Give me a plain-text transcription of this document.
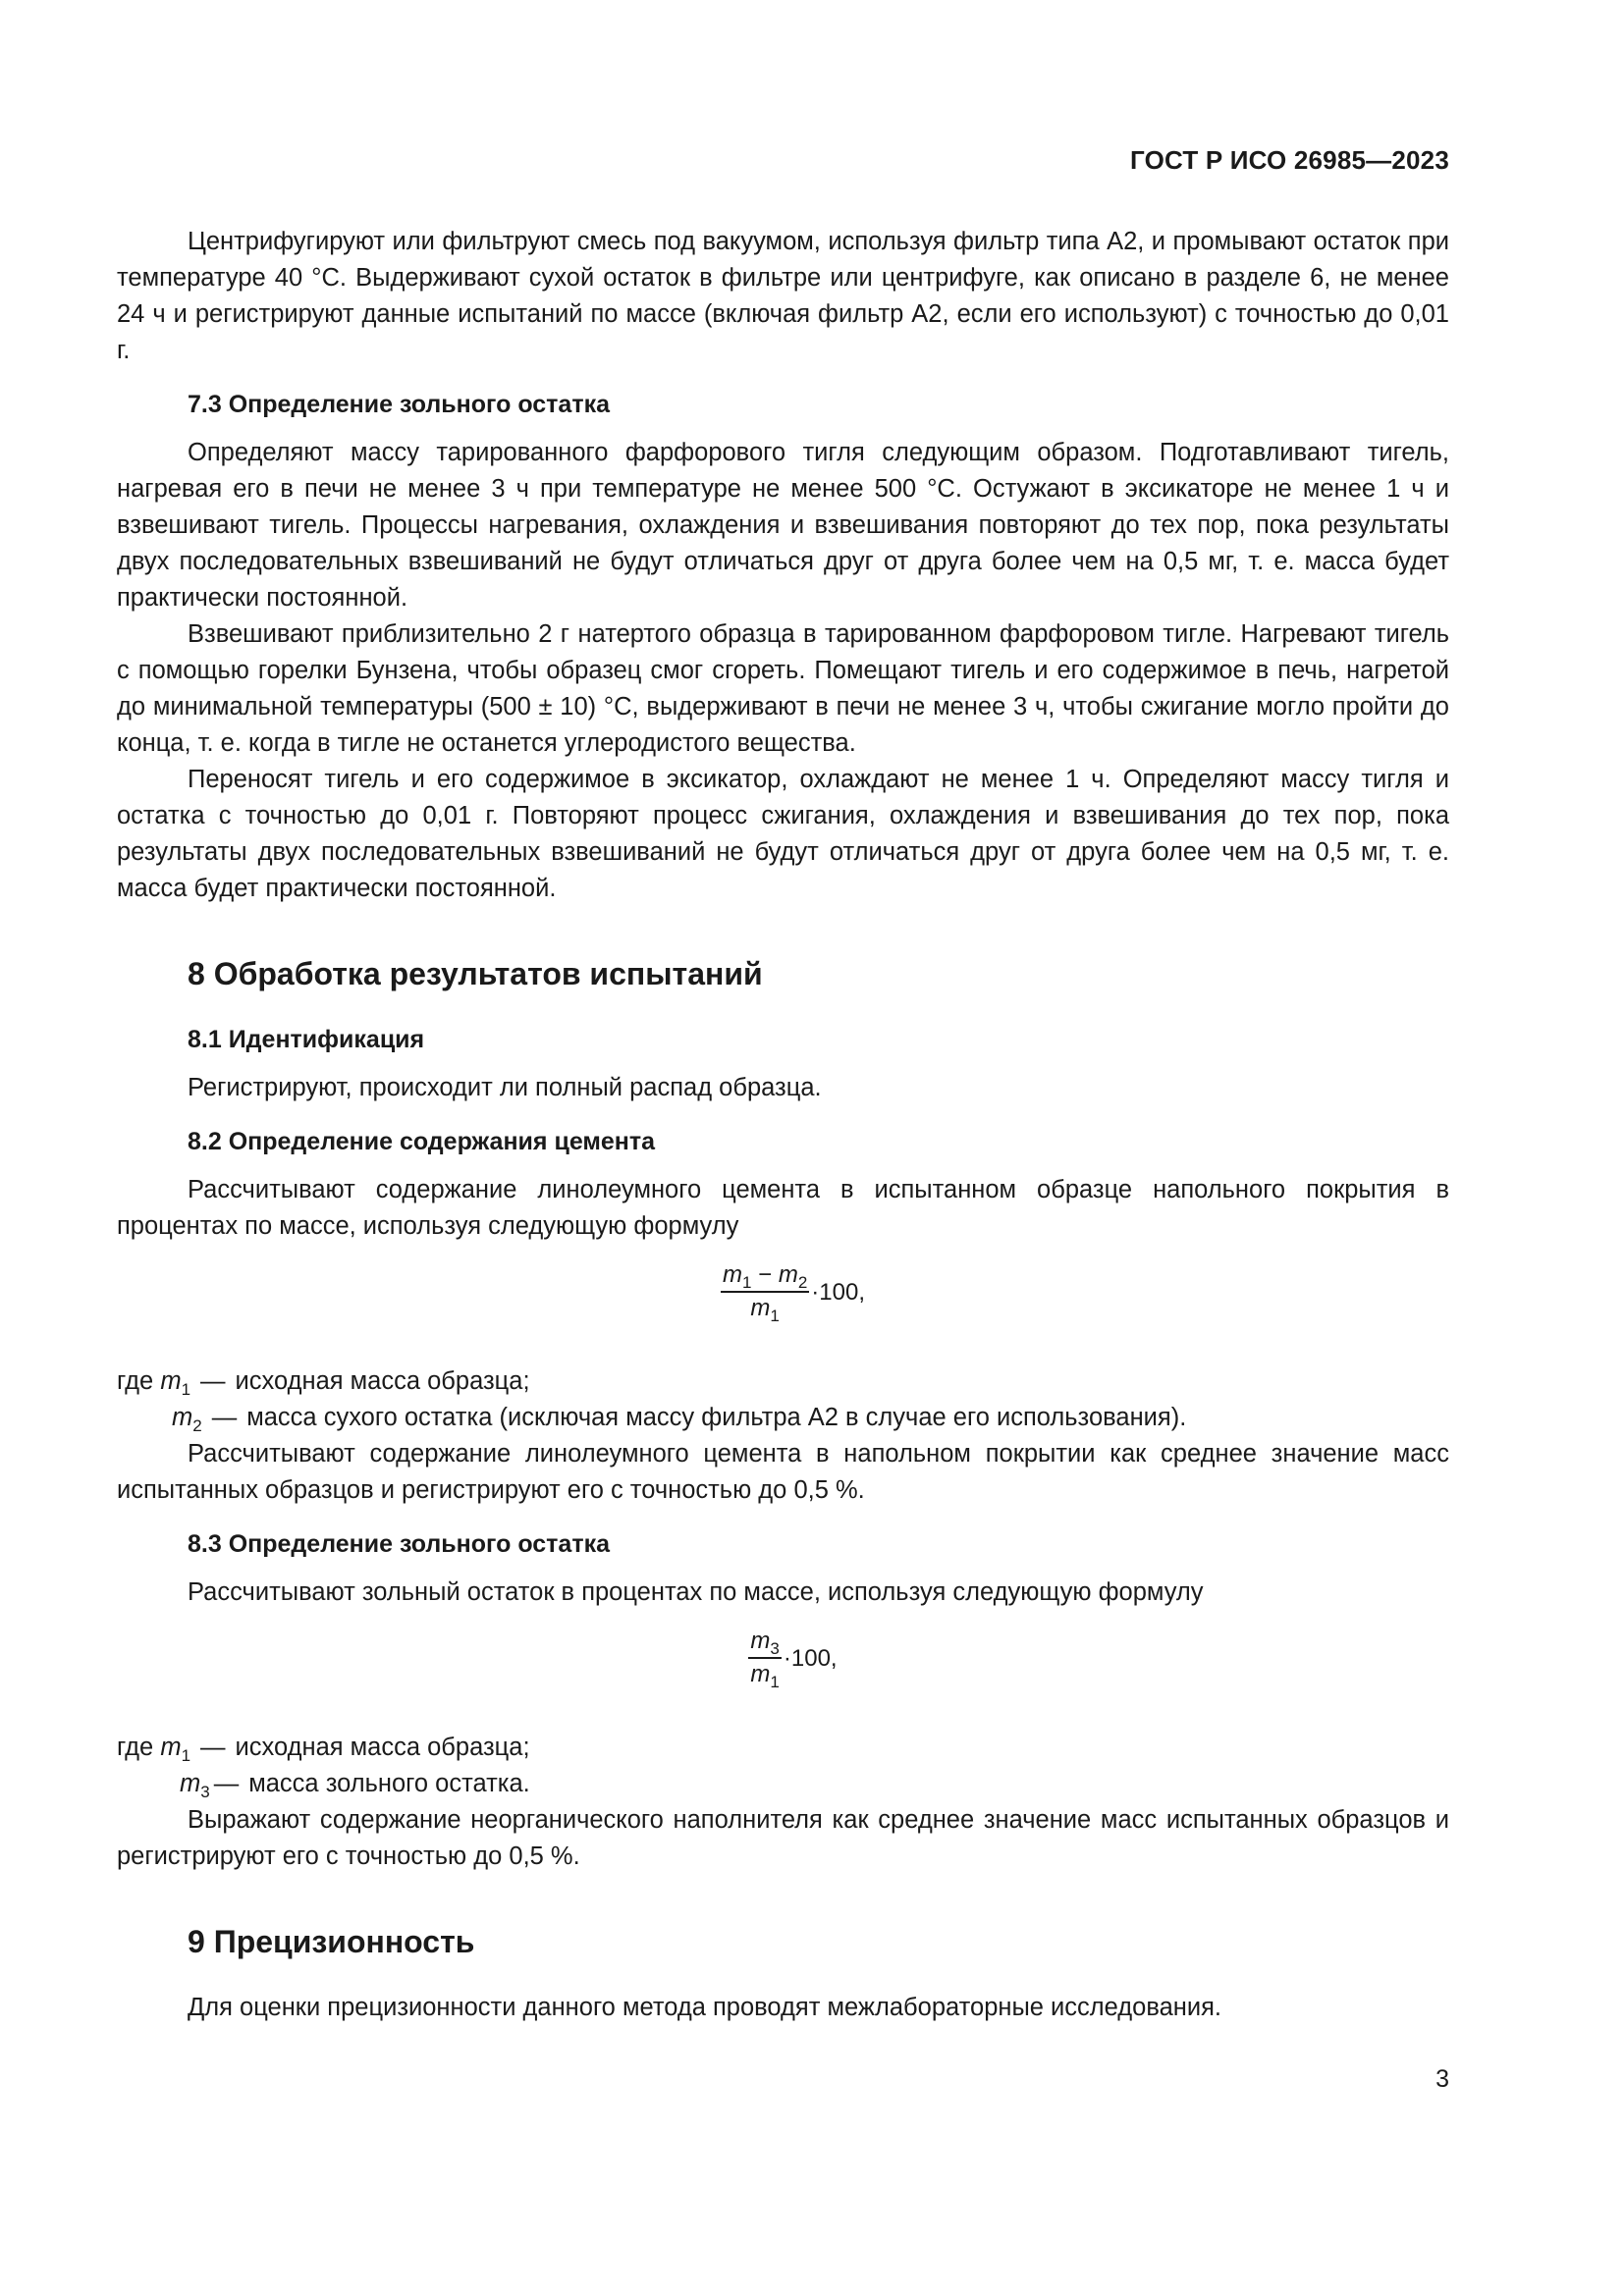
ГОСТ Р ИСО 26985—2023

Центрифугируют или фильтруют смесь под вакуумом, используя фильтр типа А2, и промывают остаток при температуре 40 °C. Выдерживают сухой остаток в фильтре или центрифуге, как описано в разделе 6, не менее 24 ч и регистрируют данные испытаний по массе (включая фильтр А2, если его используют) с точностью до 0,01 г.

7.3 Определение зольного остатка

Определяют массу тарированного фарфорового тигля следующим образом. Подготавливают тигель, нагревая его в печи не менее 3 ч при температуре не менее 500 °C. Остужают в эксикаторе не менее 1 ч и взвешивают тигель. Процессы нагревания, охлаждения и взвешивания повторяют до тех пор, пока результаты двух последовательных взвешиваний не будут отличаться друг от друга более чем на 0,5 мг, т. е. масса будет практически постоянной.

Взвешивают приблизительно 2 г натертого образца в тарированном фарфоровом тигле. Нагревают тигель с помощью горелки Бунзена, чтобы образец смог сгореть. Помещают тигель и его содержимое в печь, нагретой до минимальной температуры (500 ± 10) °C, выдерживают в печи не менее 3 ч, чтобы сжигание могло пройти до конца, т. е. когда в тигле не останется углеродистого вещества.

Переносят тигель и его содержимое в эксикатор, охлаждают не менее 1 ч. Определяют массу тигля и остатка с точностью до 0,01 г. Повторяют процесс сжигания, охлаждения и взвешивания до тех пор, пока результаты двух последовательных взвешиваний не будут отличаться друг от друга более чем на 0,5 мг, т. е. масса будет практически постоянной.

8 Обработка результатов испытаний
8.1 Идентификация

Регистрируют, происходит ли полный распад образца.

8.2 Определение содержания цемента

Рассчитывают содержание линолеумного цемента в испытанном образце напольного покрытия в процентах по массе, используя следующую формулу

$\frac{m_1 - m_2}{m_1} \cdot 100$,

где $m_1$ — исходная масса образца;

$m_2$ — масса сухого остатка (исключая массу фильтра А2 в случае его использования).

Рассчитывают содержание линолеумного цемента в напольном покрытии как среднее значение масс испытанных образцов и регистрируют его с точностью до 0,5 %.

8.3 Определение зольного остатка

Рассчитывают зольный остаток в процентах по массе, используя следующую формулу

$\frac{m_3}{m_1} \cdot 100$,

где $m_1$ — исходная масса образца;

$m_3$ — масса зольного остатка.

Выражают содержание неорганического наполнителя как среднее значение масс испытанных образцов и регистрируют его с точностью до 0,5 %.

9 Прецизионность

Для оценки прецизионности данного метода проводят межлабораторные исследования.

3
